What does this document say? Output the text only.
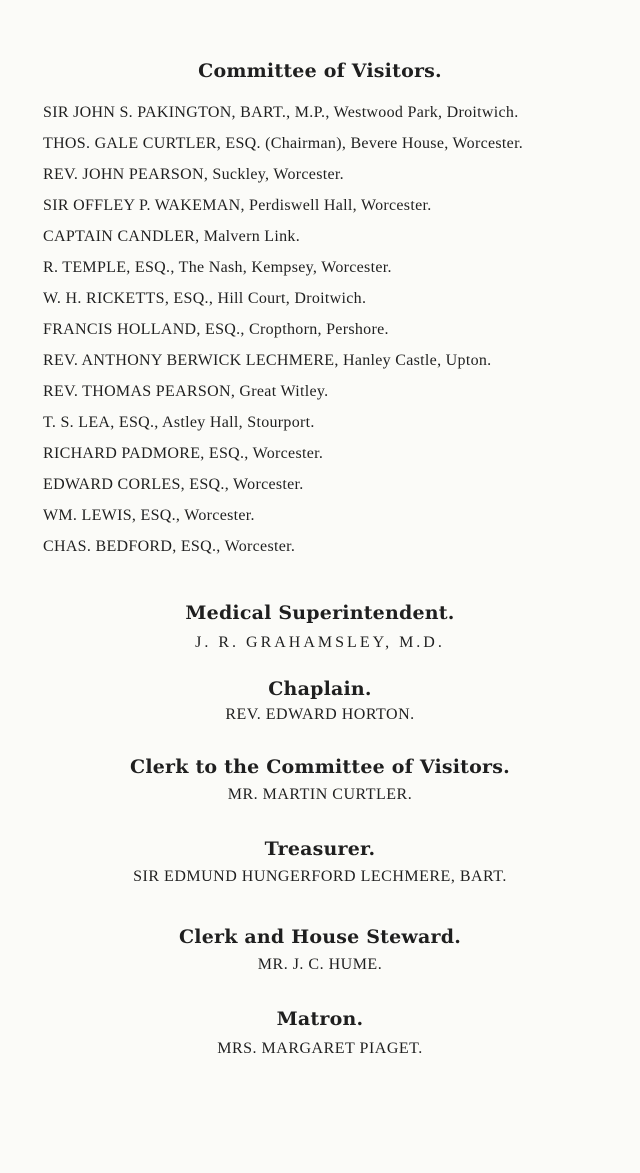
Committee of Visitors.
SIR JOHN S. PAKINGTON, BART., M.P., Westwood Park, Droitwich.
THOS. GALE CURTLER, ESQ. (Chairman), Bevere House, Worcester.
REV. JOHN PEARSON, Suckley, Worcester.
SIR OFFLEY P. WAKEMAN, Perdiswell Hall, Worcester.
CAPTAIN CANDLER, Malvern Link.
R. TEMPLE, ESQ., The Nash, Kempsey, Worcester.
W. H. RICKETTS, ESQ., Hill Court, Droitwich.
FRANCIS HOLLAND, ESQ., Cropthorn, Pershore.
REV. ANTHONY BERWICK LECHMERE, Hanley Castle, Upton.
REV. THOMAS PEARSON, Great Witley.
T. S. LEA, ESQ., Astley Hall, Stourport.
RICHARD PADMORE, ESQ., Worcester.
EDWARD CORLES, ESQ., Worcester.
WM. LEWIS, ESQ., Worcester.
CHAS. BEDFORD, ESQ., Worcester.
Medical Superintendent.
J. R. GRAHAMSLEY, M.D.
Chaplain.
REV. EDWARD HORTON.
Clerk to the Committee of Visitors.
MR. MARTIN CURTLER.
Treasurer.
SIR EDMUND HUNGERFORD LECHMERE, BART.
Clerk and House Steward.
MR. J. C. HUME.
Matron.
MRS. MARGARET PIAGET.
